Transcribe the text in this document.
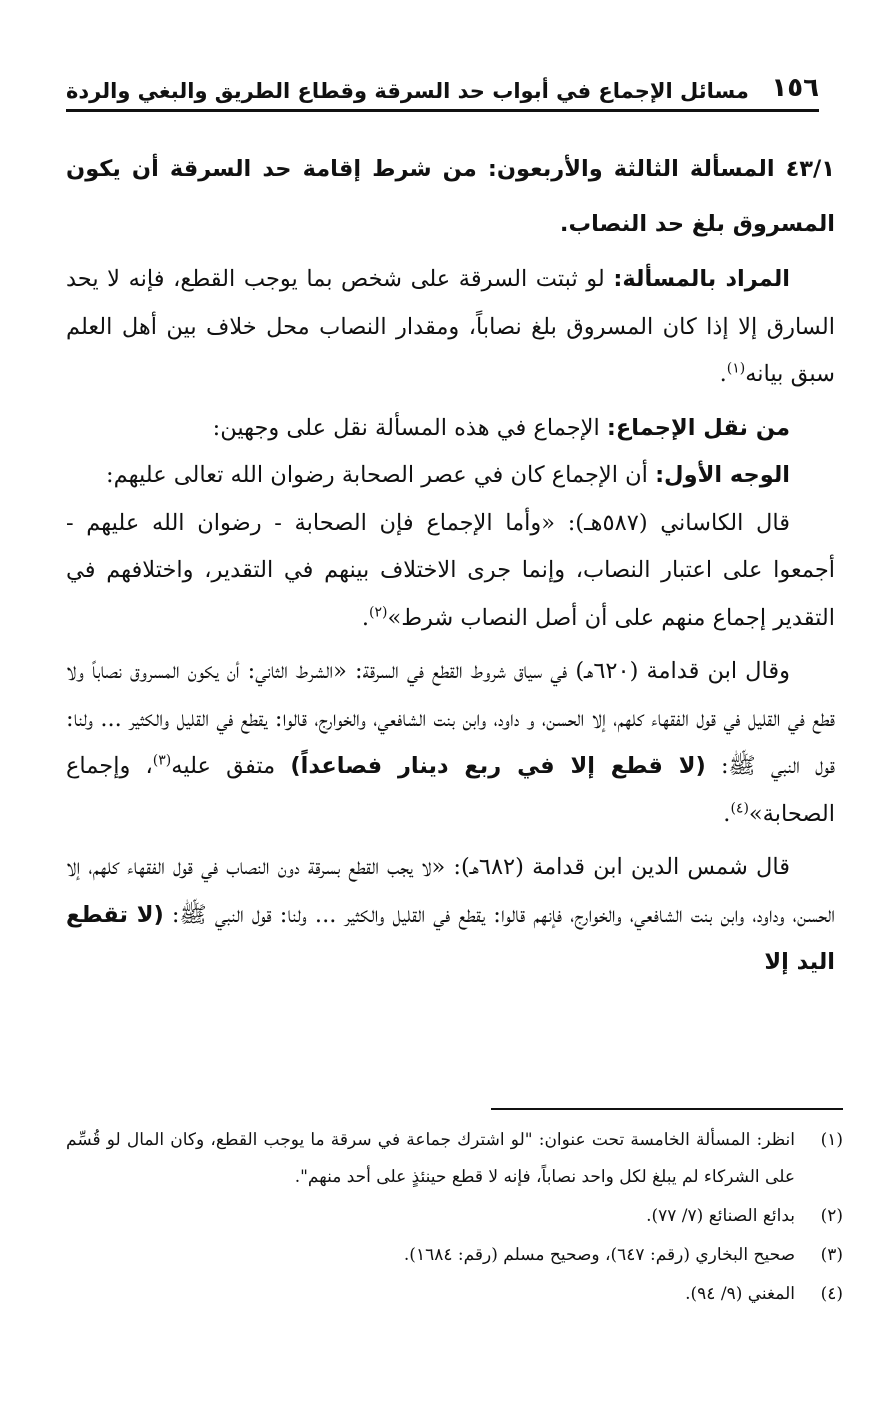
١٥٦
مسائل الإجماع في أبواب حد السرقة وقطاع الطريق والبغي والردة

٤٣/١ المسألة الثالثة والأربعون: من شرط إقامة حد السرقة أن يكون المسروق بلغ حد النصاب.

المراد بالمسألة: لو ثبتت السرقة على شخص بما يوجب القطع، فإنه لا يحد السارق إلا إذا كان المسروق بلغ نصاباً، ومقدار النصاب محل خلاف بين أهل العلم سبق بيانه$^{(١)}$.

من نقل الإجماع: الإجماع في هذه المسألة نقل على وجهين:

الوجه الأول: أن الإجماع كان في عصر الصحابة رضوان الله تعالى عليهم:

قال الكاساني (٥٨٧هـ): «وأما الإجماع فإن الصحابة - رضوان الله عليهم - أجمعوا على اعتبار النصاب، وإنما جرى الاختلاف بينهم في التقدير، واختلافهم في التقدير إجماع منهم على أن أصل النصاب شرط»$^{(٢)}$.

وقال ابن قدامة (٦٢٠هـ) في سياق شروط القطع في السرقة: «الشرط الثاني: أن يكون المسروق نصاباً ولا قطع في القليل في قول الفقهاء كلهم، إلا الحسن، و داود، وابن بنت الشافعي، والخوارج، قالوا: يقطع في القليل والكثير ... ولنا: قول النبي ﷺ: (لا قطع إلا في ربع دينار فصاعداً) متفق عليه$^{(٣)}$، وإجماع الصحابة»$^{(٤)}$.

قال شمس الدين ابن قدامة (٦٨٢هـ): «لا يجب القطع بسرقة دون النصاب في قول الفقهاء كلهم، إلا الحسن، وداود، وابن بنت الشافعي، والخوارج، فإنهم قالوا: يقطع في القليل والكثير ... ولنا: قول النبي ﷺ: (لا تقطع اليد إلا

(١)انظر: المسألة الخامسة تحت عنوان: "لو اشترك جماعة في سرقة ما يوجب القطع، وكان المال لو قُسِّم على الشركاء لم يبلغ لكل واحد نصاباً، فإنه لا قطع حينئذٍ على أحد منهم".

(٢)بدائع الصنائع (٧/ ٧٧).

(٣)صحيح البخاري (رقم: ٦٤٧)، وصحيح مسلم (رقم: ١٦٨٤).

(٤)المغني (٩/ ٩٤).
